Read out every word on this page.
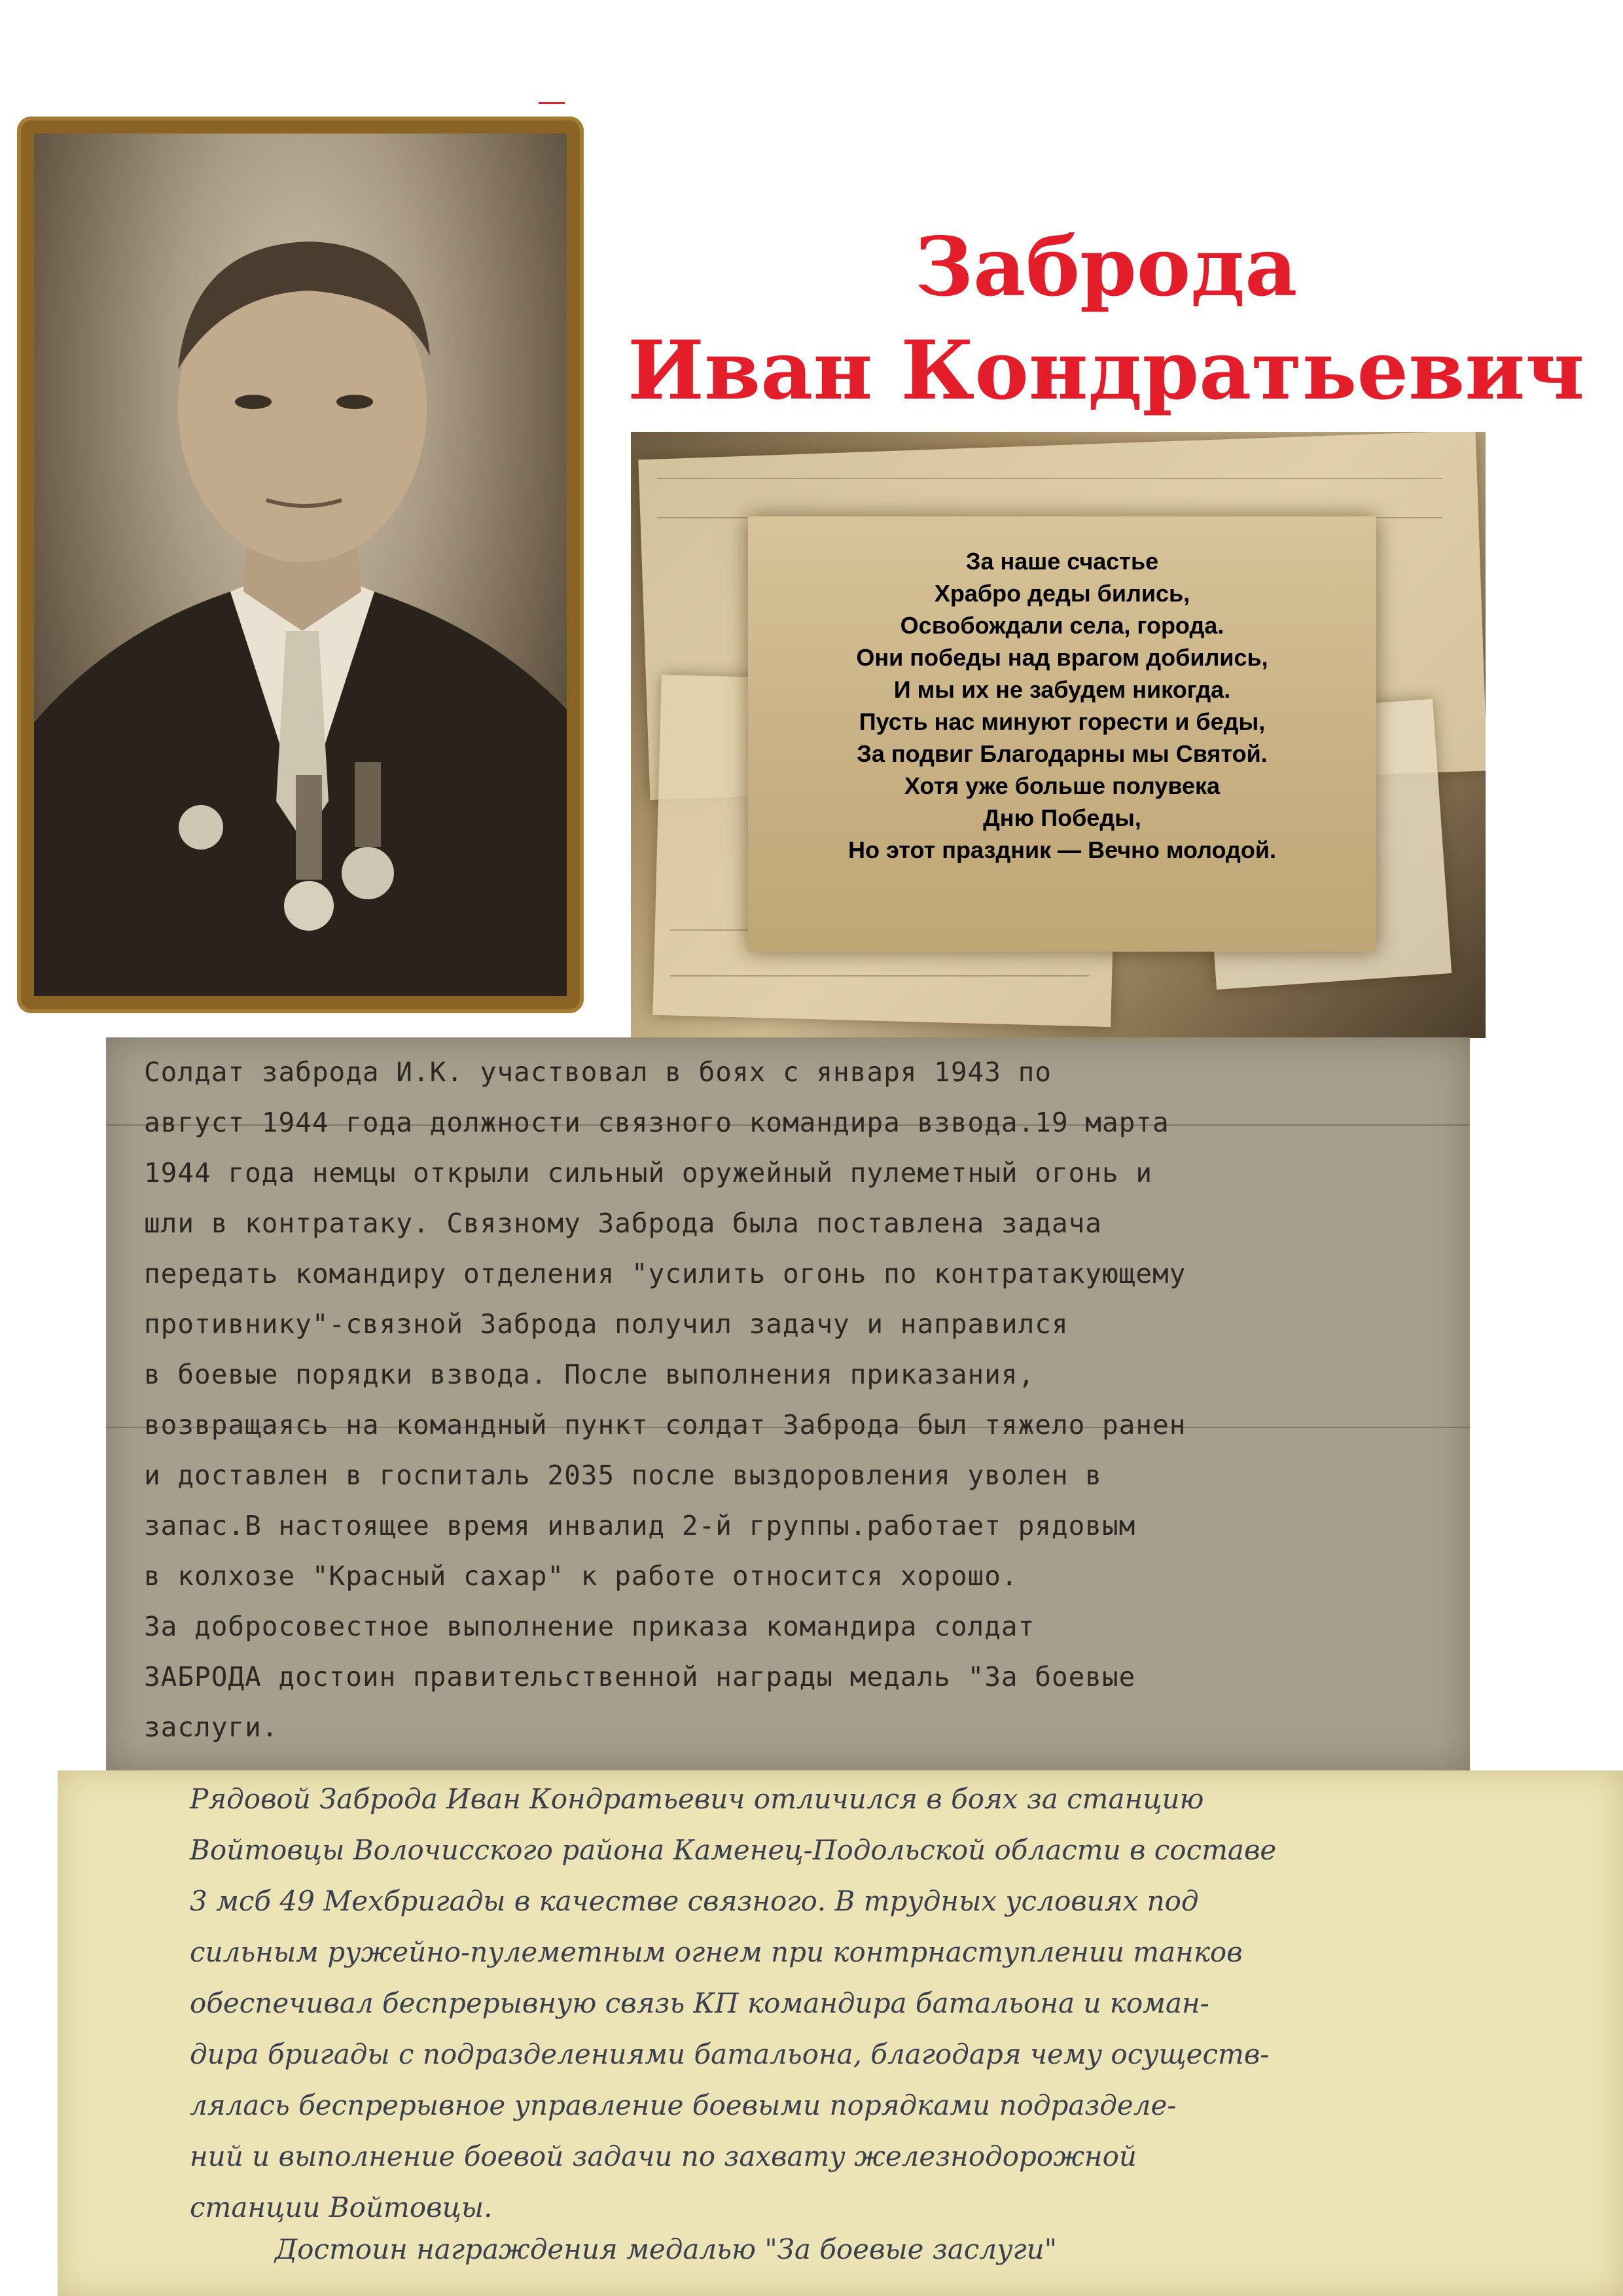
Заброда
Иван Кондратьевич
За наше счастье
Храбро деды бились,
Освобождали села, города.
Они победы над врагом добились,
И мы их не забудем никогда.
Пусть нас минуют горести и беды,
За подвиг Благодарны мы Святой.
Хотя уже больше полувека
Дню Победы,
Но этот праздник — Вечно молодой.
Солдат заброда И.К. участвовал в боях с января 1943 по
август 1944 года должности связного командира взвода.19 марта
1944 года немцы открыли сильный оружейный пулеметный огонь и
шли в контратаку. Связному Заброда была поставлена задача
передать командиру отделения "усилить огонь по контратакующему
противнику"-связной Заброда получил задачу и направился
в боевые порядки взвода. После выполнения приказания,
возвращаясь на командный пункт солдат Заброда был тяжело ранен
и доставлен в госпиталь 2035 после выздоровления уволен в
запас.В настоящее время инвалид 2-й группы.работает рядовым
в колхозе "Красный сахар" к работе относится хорошо.
За добросовестное выполнение приказа командира солдат
ЗАБРОДА достоин правительственной награды медаль "За боевые
заслуги.
Рядовой Заброда Иван Кондратьевич отличился в боях за станцию
Войтовцы Волочисского района Каменец-Подольской области в составе
3 мсб 49 Мехбригады в качестве связного. В трудных условиях под
сильным ружейно-пулеметным огнем при контрнаступлении танков
обеспечивал беспрерывную связь КП командира батальона и коман-
дира бригады с подразделениями батальона, благодаря чему осуществ-
лялась беспрерывное управление боевыми порядками подразделе-
ний и выполнение боевой задачи по захвату железнодорожной
станции Войтовцы.
Достоин награждения медалью "За боевые заслуги"
